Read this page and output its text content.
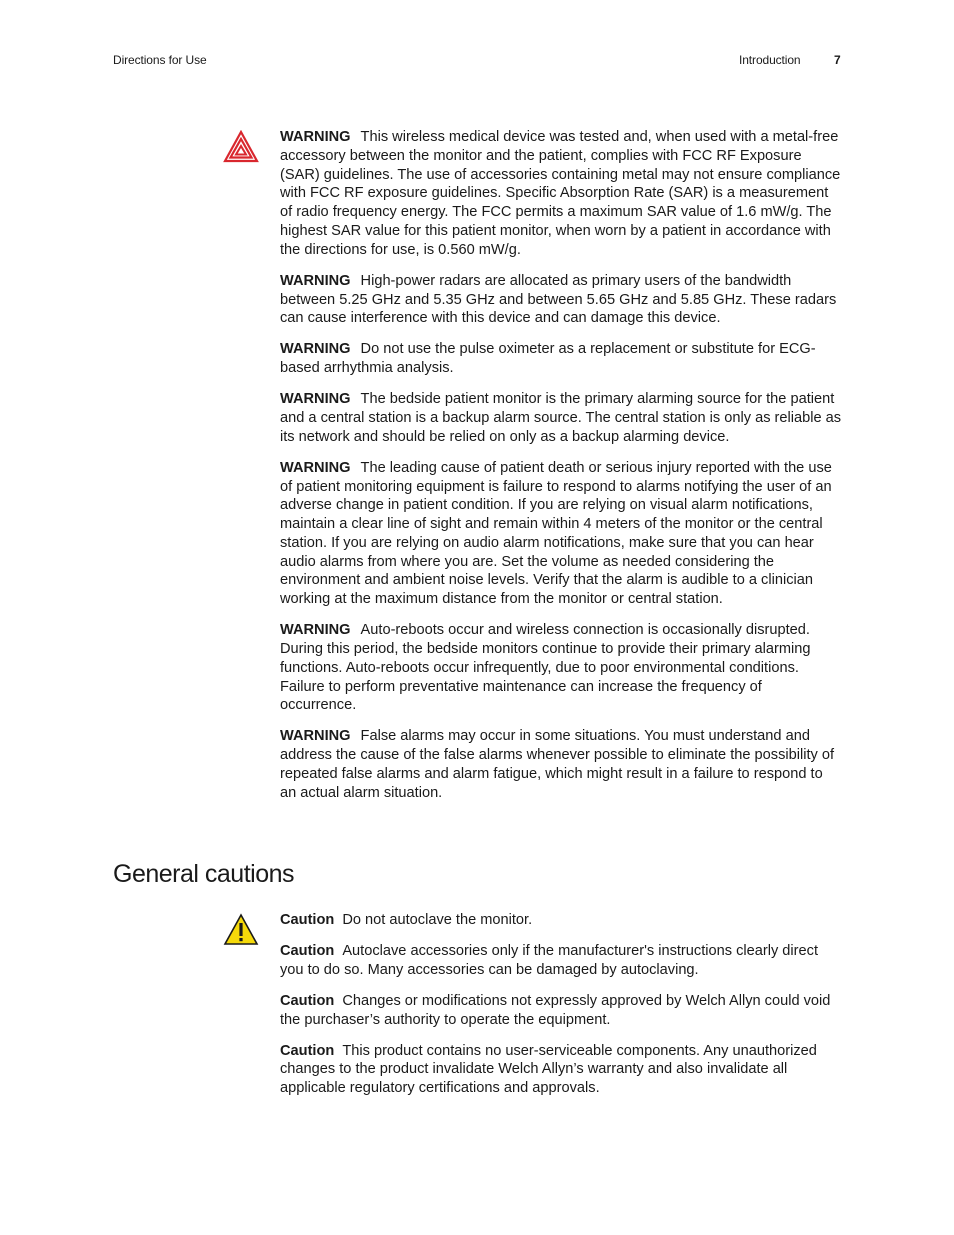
Directions for Use	Introduction	7

WARNING This wireless medical device was tested and, when used with a metal-free accessory between the monitor and the patient, complies with FCC RF Exposure (SAR) guidelines. The use of accessories containing metal may not ensure compliance with FCC RF exposure guidelines. Specific Absorption Rate (SAR) is a measurement of radio frequency energy. The FCC permits a maximum SAR value of 1.6 mW/g. The highest SAR value for this patient monitor, when worn by a patient in accordance with the directions for use, is 0.560 mW/g.

WARNING High-power radars are allocated as primary users of the bandwidth between 5.25 GHz and 5.35 GHz and between 5.65 GHz and 5.85 GHz. These radars can cause interference with this device and can damage this device.

WARNING Do not use the pulse oximeter as a replacement or substitute for ECG-based arrhythmia analysis.

WARNING The bedside patient monitor is the primary alarming source for the patient and a central station is a backup alarm source. The central station is only as reliable as its network and should be relied on only as a backup alarming device.

WARNING The leading cause of patient death or serious injury reported with the use of patient monitoring equipment is failure to respond to alarms notifying the user of an adverse change in patient condition. If you are relying on visual alarm notifications, maintain a clear line of sight and remain within 4 meters of the monitor or the central station. If you are relying on audio alarm notifications, make sure that you can hear audio alarms from where you are. Set the volume as needed considering the environment and ambient noise levels. Verify that the alarm is audible to a clinician working at the maximum distance from the monitor or central station.

WARNING Auto-reboots occur and wireless connection is occasionally disrupted. During this period, the bedside monitors continue to provide their primary alarming functions. Auto-reboots occur infrequently, due to poor environmental conditions. Failure to perform preventative maintenance can increase the frequency of occurrence.

WARNING False alarms may occur in some situations. You must understand and address the cause of the false alarms whenever possible to eliminate the possibility of repeated false alarms and alarm fatigue, which might result in a failure to respond to an actual alarm situation.

General cautions

Caution Do not autoclave the monitor.

Caution Autoclave accessories only if the manufacturer's instructions clearly direct you to do so. Many accessories can be damaged by autoclaving.

Caution Changes or modifications not expressly approved by Welch Allyn could void the purchaser’s authority to operate the equipment.

Caution This product contains no user-serviceable components. Any unauthorized changes to the product invalidate Welch Allyn’s warranty and also invalidate all applicable regulatory certifications and approvals.
